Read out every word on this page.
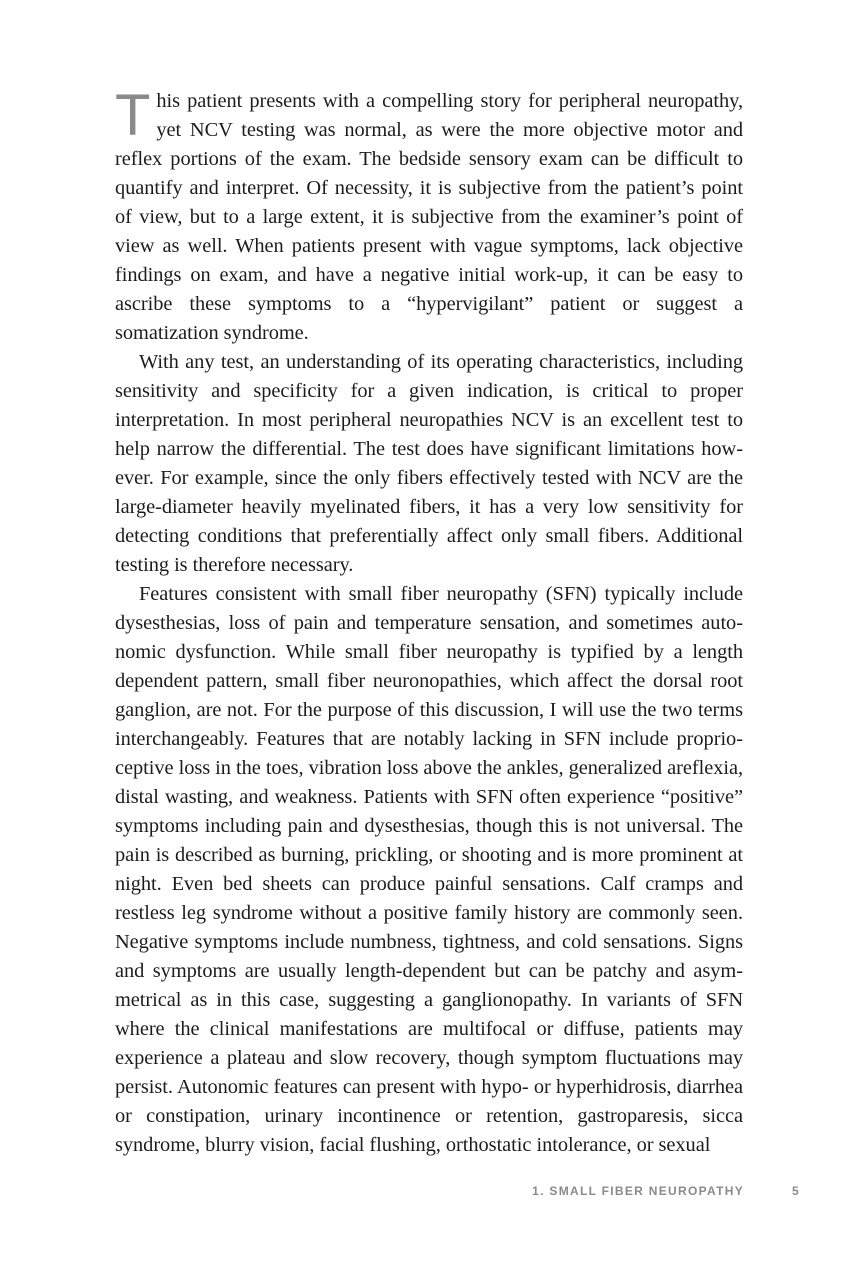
This patient presents with a compelling story for peripheral neuropathy, yet NCV testing was normal, as were the more objective motor and reflex portions of the exam. The bedside sensory exam can be difficult to quantify and interpret. Of necessity, it is subjective from the patient’s point of view, but to a large extent, it is subjective from the examiner’s point of view as well. When patients present with vague symptoms, lack objective findings on exam, and have a negative initial work-up, it can be easy to ascribe these symptoms to a “hypervigilant” patient or suggest a somatization syndrome.

With any test, an understanding of its operating characteristics, including sensitivity and specificity for a given indication, is critical to proper interpretation. In most peripheral neuropathies NCV is an excellent test to help narrow the differential. The test does have significant limitations however. For example, since the only fibers effectively tested with NCV are the large-diameter heavily myelinated fibers, it has a very low sensitivity for detecting conditions that preferentially affect only small fibers. Additional testing is therefore necessary.

Features consistent with small fiber neuropathy (SFN) typically include dysesthesias, loss of pain and temperature sensation, and sometimes autonomic dysfunction. While small fiber neuropathy is typified by a length dependent pattern, small fiber neuronopathies, which affect the dorsal root ganglion, are not. For the purpose of this discussion, I will use the two terms interchangeably. Features that are notably lacking in SFN include proprioceptive loss in the toes, vibration loss above the ankles, generalized areflexia, distal wasting, and weakness. Patients with SFN often experience “positive” symptoms including pain and dysesthesias, though this is not universal. The pain is described as burning, prickling, or shooting and is more prominent at night. Even bed sheets can produce painful sensations. Calf cramps and restless leg syndrome without a positive family history are commonly seen. Negative symptoms include numbness, tightness, and cold sensations. Signs and symptoms are usually length-dependent but can be patchy and asymmetrical as in this case, suggesting a ganglionopathy. In variants of SFN where the clinical manifestations are multifocal or diffuse, patients may experience a plateau and slow recovery, though symptom fluctuations may persist. Autonomic features can present with hypo- or hyperhidrosis, diarrhea or constipation, urinary incontinence or retention, gastroparesis, sicca syndrome, blurry vision, facial flushing, orthostatic intolerance, or sexual

1. SMALL FIBER NEUROPATHY	5
